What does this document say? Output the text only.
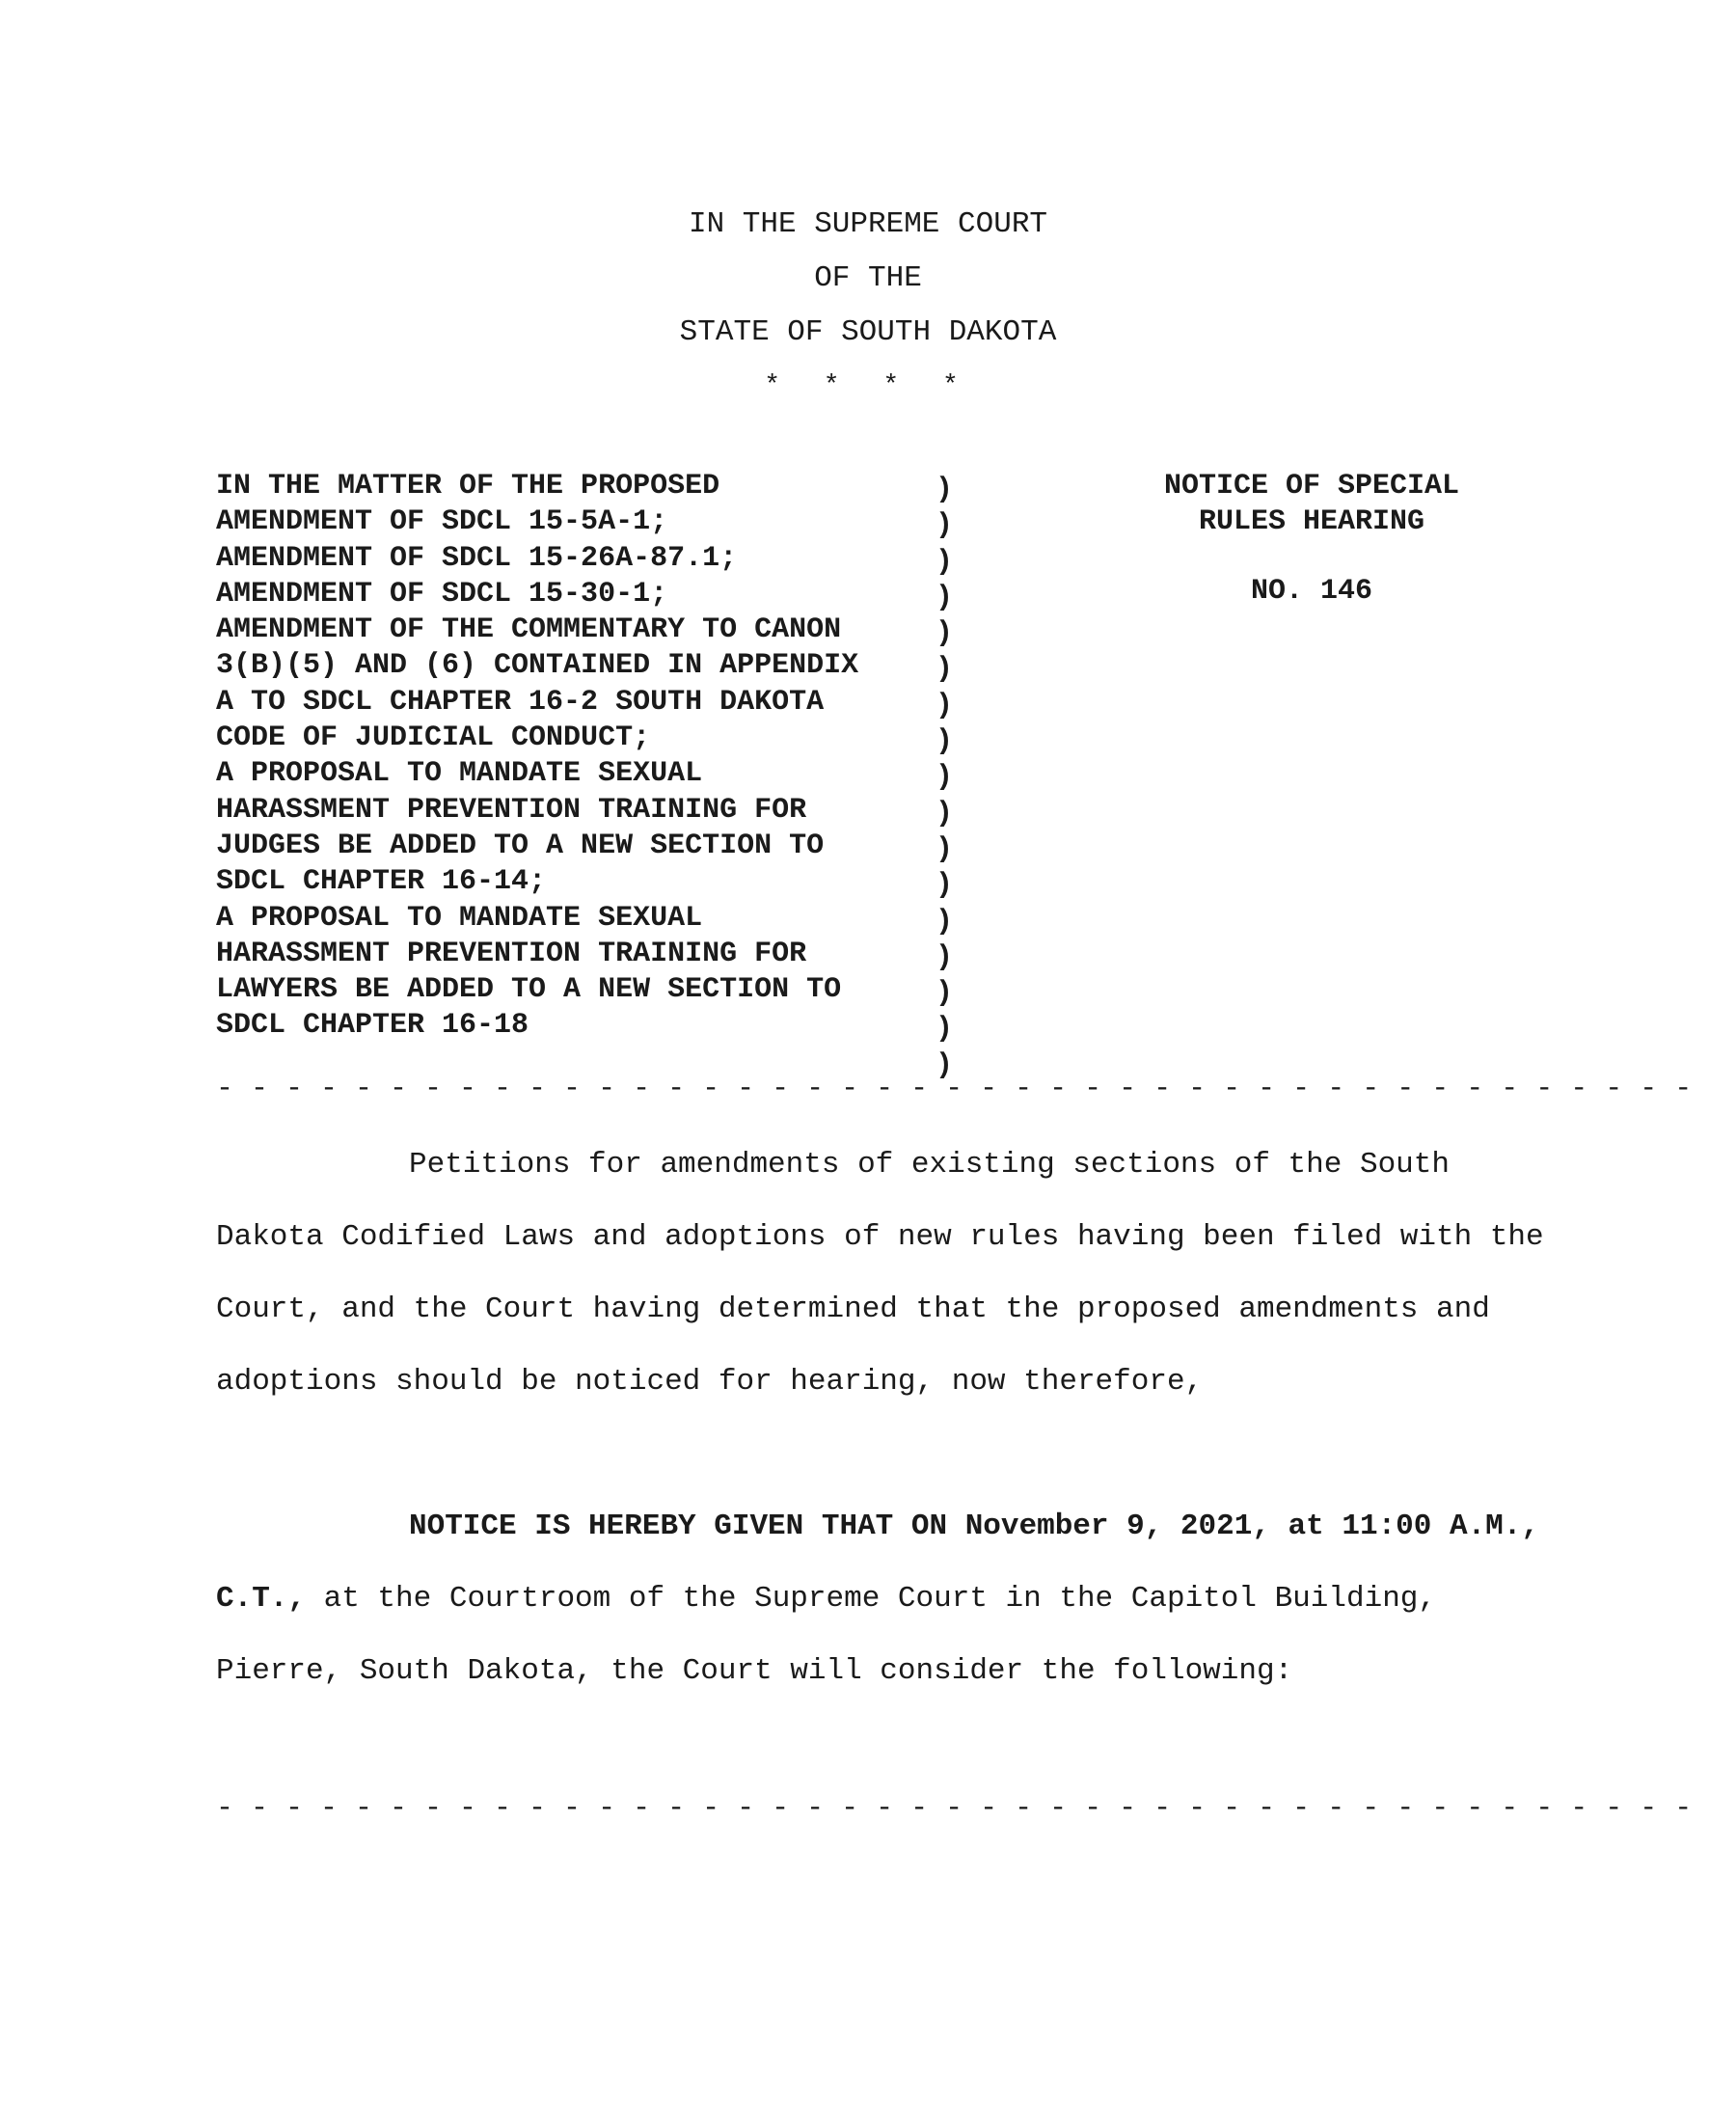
IN THE SUPREME COURT
OF THE
STATE OF SOUTH DAKOTA
* * * *
IN THE MATTER OF THE PROPOSED
AMENDMENT OF SDCL 15-5A-1;
AMENDMENT OF SDCL 15-26A-87.1;
AMENDMENT OF SDCL 15-30-1;
AMENDMENT OF THE COMMENTARY TO CANON
3(B)(5) AND (6) CONTAINED IN APPENDIX
A TO SDCL CHAPTER 16-2 SOUTH DAKOTA
CODE OF JUDICIAL CONDUCT;
A PROPOSAL TO MANDATE SEXUAL
HARASSMENT PREVENTION TRAINING FOR
JUDGES BE ADDED TO A NEW SECTION TO
SDCL CHAPTER 16-14;
A PROPOSAL TO MANDATE SEXUAL
HARASSMENT PREVENTION TRAINING FOR
LAWYERS BE ADDED TO A NEW SECTION TO
SDCL CHAPTER 16-18
)
)
)
)
)
)
)
)
)
)
)
)
)
)
)
)
)
NOTICE OF SPECIAL
RULES HEARING
NO. 146
- - - - - - - - - - - - - - - - - - - - - - - - - - - - - - - - - - - - - - - - - - -

Petitions for amendments of existing sections of the South Dakota Codified Laws and adoptions of new rules having been filed with the Court, and the Court having determined that the proposed amendments and adoptions should be noticed for hearing, now therefore,

NOTICE IS HEREBY GIVEN THAT ON November 9, 2021, at 11:00 A.M., C.T., at the Courtroom of the Supreme Court in the Capitol Building, Pierre, South Dakota, the Court will consider the following:

- - - - - - - - - - - - - - - - - - - - - - - - - - - - - - - - - - - - - - - - - - -
